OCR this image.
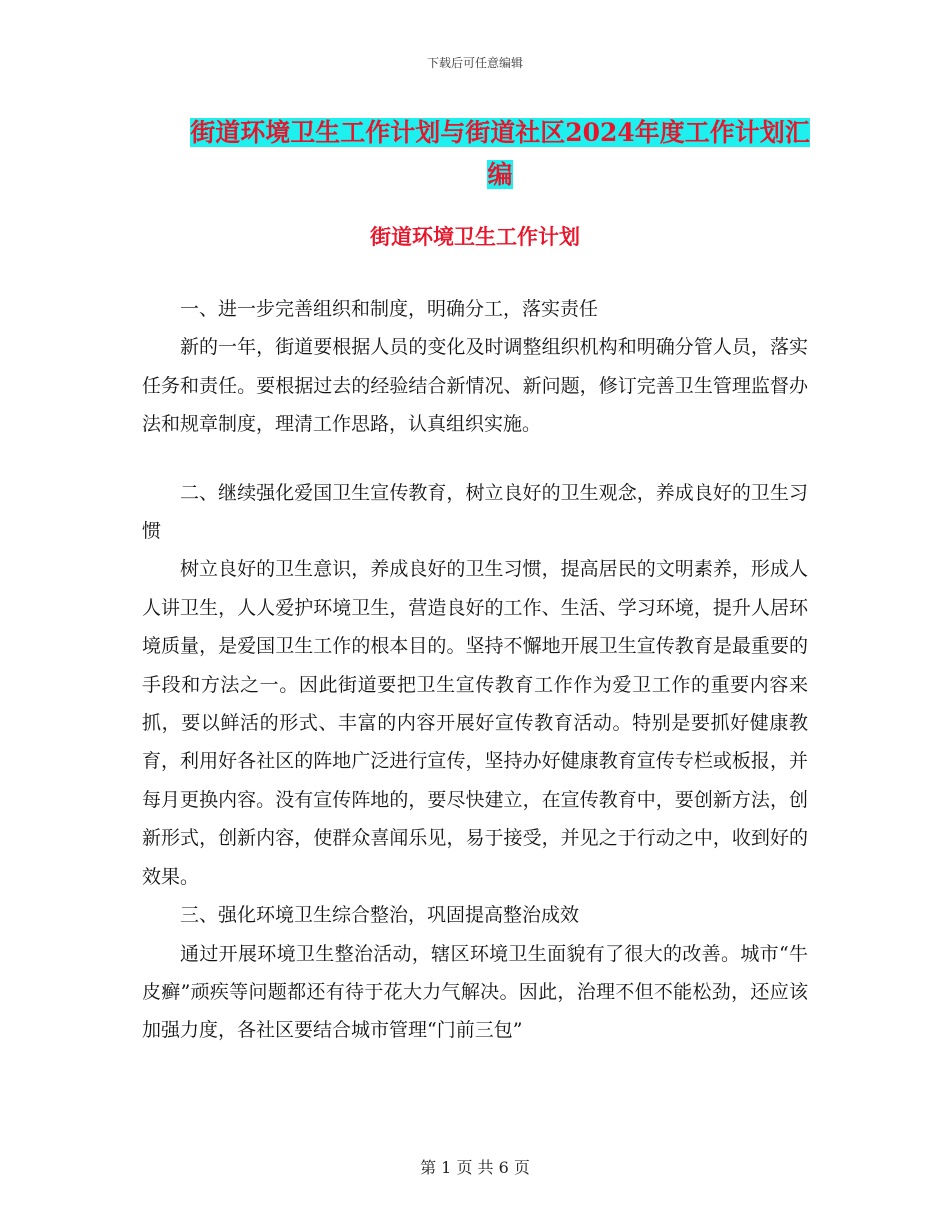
下载后可任意编辑
街道环境卫生工作计划与街道社区2024年度工作计划汇编
街道环境卫生工作计划

一、进一步完善组织和制度，明确分工，落实责任

新的一年，街道要根据人员的变化及时调整组织机构和明确分管人员，落实任务和责任。要根据过去的经验结合新情况、新问题，修订完善卫生管理监督办法和规章制度，理清工作思路，认真组织实施。

二、继续强化爱国卫生宣传教育，树立良好的卫生观念，养成良好的卫生习惯

树立良好的卫生意识，养成良好的卫生习惯，提高居民的文明素养，形成人人讲卫生，人人爱护环境卫生，营造良好的工作、生活、学习环境，提升人居环境质量，是爱国卫生工作的根本目的。坚持不懈地开展卫生宣传教育是最重要的手段和方法之一。因此街道要把卫生宣传教育工作作为爱卫工作的重要内容来抓，要以鲜活的形式、丰富的内容开展好宣传教育活动。特别是要抓好健康教育，利用好各社区的阵地广泛进行宣传，坚持办好健康教育宣传专栏或板报，并每月更换内容。没有宣传阵地的，要尽快建立，在宣传教育中，要创新方法，创新形式，创新内容，使群众喜闻乐见，易于接受，并见之于行动之中，收到好的效果。

三、强化环境卫生综合整治，巩固提高整治成效

通过开展环境卫生整治活动，辖区环境卫生面貌有了很大的改善。城市“牛皮癣”顽疾等问题都还有待于花大力气解决。因此，治理不但不能松劲，还应该加强力度，各社区要结合城市管理“门前三包”

第 1 页 共 6 页
